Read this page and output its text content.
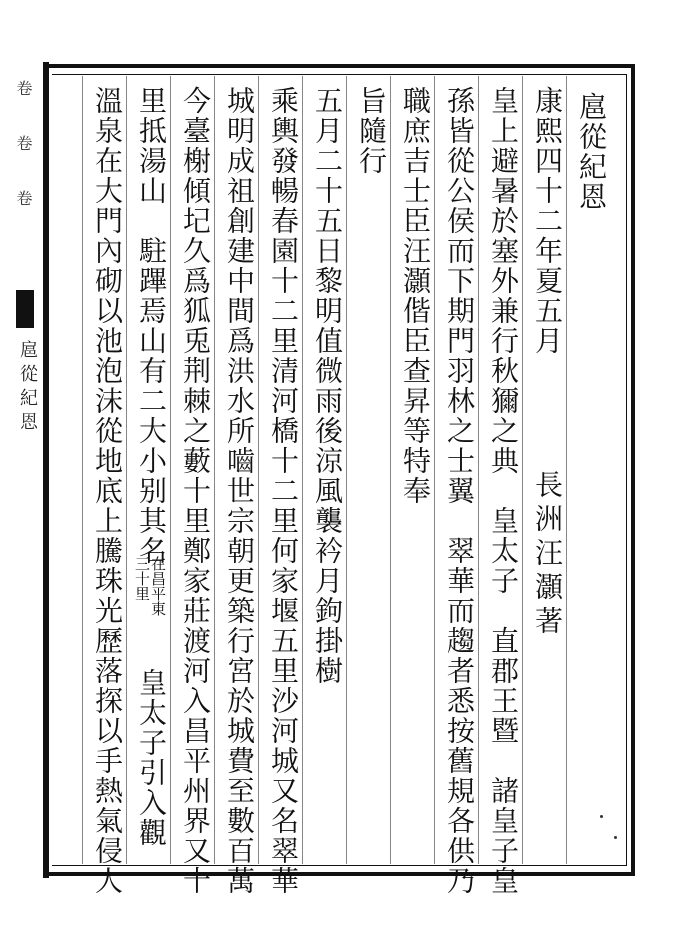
卷 卷 卷
扈從紀恩
扈從紀恩
長洲汪灝著
康熙四十二年夏五月
皇上避暑於塞外兼行秋獮之典　皇太子　直郡王暨　諸皇子皇
孫皆從公侯而下期門羽林之士翼　翠華而趨者悉按舊規各供乃
職庶吉士臣汪灝偕臣查昇等特奉
旨隨行
五月二十五日黎明值微雨後涼風襲衿月鉤掛樹
乘輿發暢春園十二里清河橋十二里何家堰五里沙河城又名翠華
城明成祖創建中間爲洪水所嚙世宗朝更築行宮於城費至數百萬
今臺榭傾圮久爲狐兎荆棘之藪十里鄭家莊渡河入昌平州界又十
里抵湯山　駐蹕焉山有二大小别其名
在昌平東
三十里
皇太子引入觀
溫泉在大門內砌以池泡沫從地底上騰珠光歷落探以手熱氣侵人
